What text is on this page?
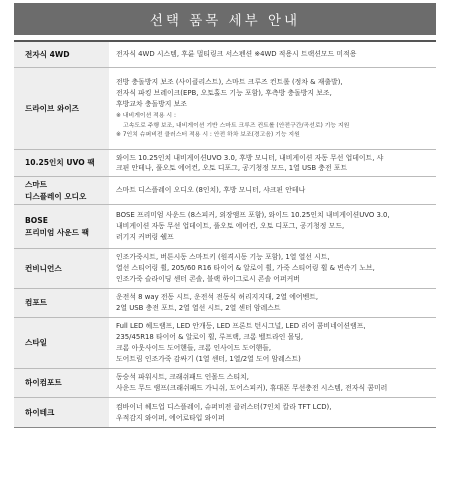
선택 품목 세부 안내
전자식 4WD	전자식 4WD 시스템, 후륜 멀티링크 서스펜션 ※4WD 적용시 트랙션모드 미적용
드라이브 와이즈
전방 충돌방지 보조 (사이클리스트), 스마트 크루즈 컨트롤 (정차 & 재출발),
전자식 파킹 브레이크(EPB, 오토홀드 기능 포함), 후측방 충돌방지 보조,
후방교차 충돌방지 보조
※ 내비게이션 적용 시 :
고속도로 주행 보조, 내비게이션 기반 스마트 크루즈 컨트롤 (안전구간/곡선로) 기능 지원
※ 7인치 슈퍼비전 클러스터 적용 시 : 안전 하차 보조(경고음) 기능 지원
10.25인치 UVO 팩	와이드 10.25인치 내비게이션UVO 3.0, 후방 모니터, 내비게이션 자동 무선 업데이트, 샤
크핀 안테나, 풀오토 에어컨, 오토 디포그, 공기청정 모드, 1열 USB 충전 포트
스마트
디스플레이 오디오
스마트 디스플레이 오디오 (8인치), 후방 모니터, 샤크핀 안테나
BOSE
프리미엄 사운드 팩
BOSE 프리미엄 사운드 (8스피커, 외장앰프 포함), 와이드 10.25인치 내비게이션UVO 3.0,
내비게이션 자동 무선 업데이트, 풀오토 에어컨, 오토 디포그, 공기청정 모드,
러기지 커버링 쉘프
컨비니언스
인조가죽시트, 버튼시동 스마트키 (원격시동 기능 포함), 1열 열선 시트,
열선 스티어링 휠, 205/60 R16 타이어 & 알로이 휠, 가죽 스티어링 휠 & 변속기 노브,
인조가죽 슬라이딩 센터 콘솔, 블랙 하이그로시 콘솔 어퍼커버
컴포트
운전석 8 way 전동 시트, 운전석 전동식 허리지지대, 2열 에어벤트,
2열 USB 충전 포트, 2열 열선 시트, 2열 센터 암레스트
스타일
Full LED 헤드램프, LED 안개등, LED 프론트 턴시그널, LED 리어 콤비네이션램프,
235/45R18 타이어 & 알로이 휠, 루프랙, 크롬 벨트라인 몰딩,
크롬 아웃사이드 도어핸들, 크롬 인사이드 도어핸들,
도어트림 인조가죽 감싸기 (1열 센터, 1열/2열 도어 암레스트)
하이컴포트
동승석 파워시트, 크래쉬패드 인몰드 스티치,
사운드 무드 램프(크래쉬패드 가니쉬, 도어스피커), 휴대폰 무선충전 시스템, 전자식 콤미러
하이테크
컴바이너 헤드업 디스플레이, 슈퍼비전 클러스터(7인치 칼라 TFT LCD),
우적감지 와이퍼, 에어로타입 와이퍼
